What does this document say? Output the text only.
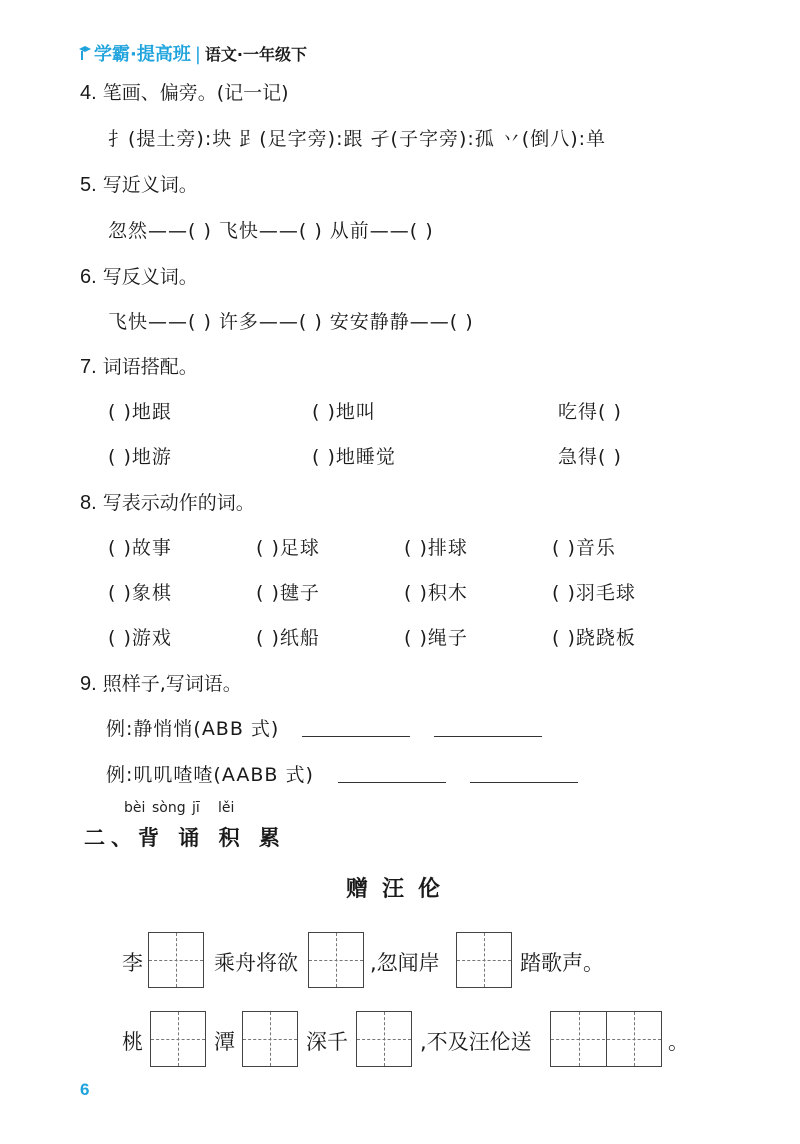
学霸·提高班 | 语文·一年级下
4. 笔画、偏旁。(记一记)
扌(提土旁):块 𧾷(足字旁):跟 孑(子字旁):孤 丷(倒八):单
5. 写近义词。
忽然——( ) 飞快——( ) 从前——( )
6. 写反义词。
飞快——( ) 许多——( ) 安安静静——( )
7. 词语搭配。
( )地跟	( )地叫	吃得( )
( )地游	( )地睡觉	急得( )
8. 写表示动作的词。
( )故事	( )足球	( )排球	( )音乐
( )象棋	( )毽子	( )积木	( )羽毛球
( )游戏	( )纸船	( )绳子	( )跷跷板
9. 照样子,写词语。
例:静悄悄(ABB 式)
例:叽叽喳喳(AABB 式)
bèi sòng jī lěi
二、背 诵 积 累
赠汪伦
李	乘舟将欲	,忽闻岸	踏歌声。
桃	潭	深千	,不及汪伦送	。
6
